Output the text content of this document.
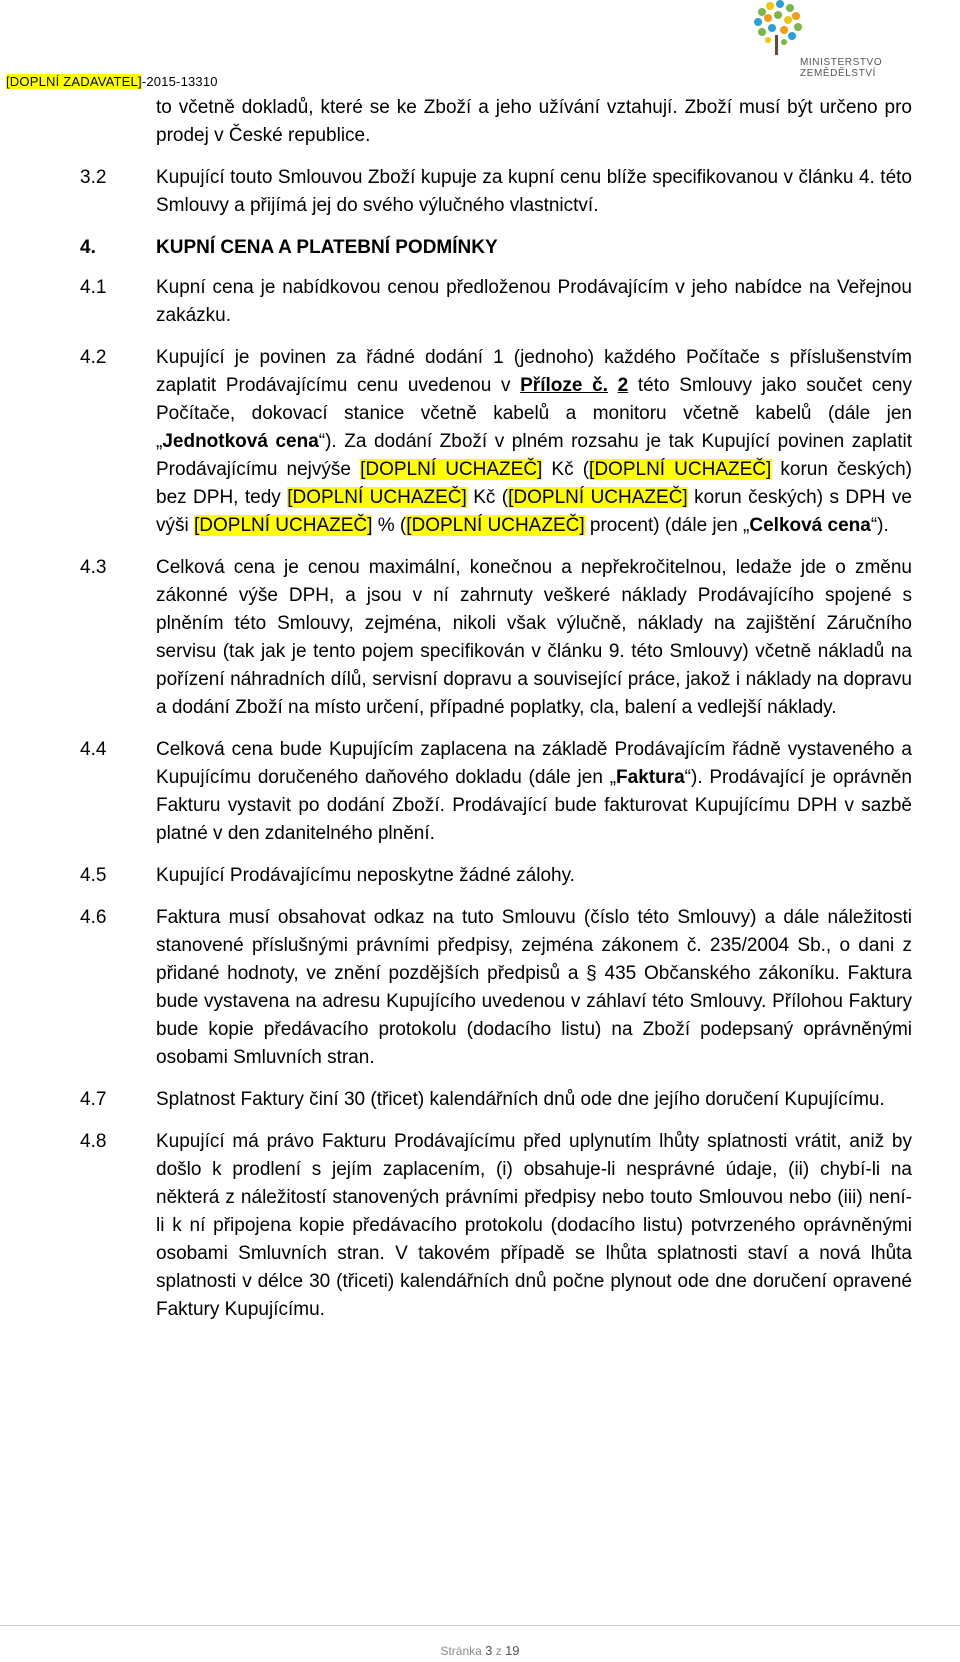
[DOPLNÍ ZADAVATEL]-2015-13310
MINISTERSTVO ZEMĚDĚLSTVÍ
to včetně dokladů, které se ke Zboží a jeho užívání vztahují. Zboží musí být určeno pro prodej v České republice.
3.2	Kupující touto Smlouvou Zboží kupuje za kupní cenu blíže specifikovanou v článku 4. této Smlouvy a přijímá jej do svého výlučného vlastnictví.
4.	KUPNÍ CENA A PLATEBNÍ PODMÍNKY
4.1	Kupní cena je nabídkovou cenou předloženou Prodávajícím v jeho nabídce na Veřejnou zakázku.
4.2	Kupující je povinen za řádné dodání 1 (jednoho) každého Počítače s příslušenstvím zaplatit Prodávajícímu cenu uvedenou v Příloze č. 2 této Smlouvy jako součet ceny Počítače, dokovací stanice včetně kabelů a monitoru včetně kabelů (dále jen „Jednotková cena“). Za dodání Zboží v plném rozsahu je tak Kupující povinen zaplatit Prodávajícímu nejvýše [DOPLNÍ UCHAZEČ] Kč ([DOPLNÍ UCHAZEČ] korun českých) bez DPH, tedy [DOPLNÍ UCHAZEČ] Kč ([DOPLNÍ UCHAZEČ] korun českých) s DPH ve výši [DOPLNÍ UCHAZEČ] % ([DOPLNÍ UCHAZEČ] procent) (dále jen „Celková cena“).
4.3	Celková cena je cenou maximální, konečnou a nepřekročitelnou, ledaže jde o změnu zákonné výše DPH, a jsou v ní zahrnuty veškeré náklady Prodávajícího spojené s plněním této Smlouvy, zejména, nikoli však výlučně, náklady na zajištění Záručního servisu (tak jak je tento pojem specifikován v článku 9. této Smlouvy) včetně nákladů na pořízení náhradních dílů, servisní dopravu a související práce, jakož i náklady na dopravu a dodání Zboží na místo určení, případné poplatky, cla, balení a vedlejší náklady.
4.4	Celková cena bude Kupujícím zaplacena na základě Prodávajícím řádně vystaveného a Kupujícímu doručeného daňového dokladu (dále jen „Faktura“). Prodávající je oprávněn Fakturu vystavit po dodání Zboží. Prodávající bude fakturovat Kupujícímu DPH v sazbě platné v den zdanitelného plnění.
4.5	Kupující Prodávajícímu neposkytne žádné zálohy.
4.6	Faktura musí obsahovat odkaz na tuto Smlouvu (číslo této Smlouvy) a dále náležitosti stanovené příslušnými právními předpisy, zejména zákonem č. 235/2004 Sb., o dani z přidané hodnoty, ve znění pozdějších předpisů a § 435 Občanského zákoníku. Faktura bude vystavena na adresu Kupujícího uvedenou v záhlaví této Smlouvy. Přílohou Faktury bude kopie předávacího protokolu (dodacího listu) na Zboží podepsaný oprávněnými osobami Smluvních stran.
4.7	Splatnost Faktury činí 30 (třicet) kalendářních dnů ode dne jejího doručení Kupujícímu.
4.8	Kupující má právo Fakturu Prodávajícímu před uplynutím lhůty splatnosti vrátit, aniž by došlo k prodlení s jejím zaplacením, (i) obsahuje-li nesprávné údaje, (ii) chybí-li na některá z náležitostí stanovených právními předpisy nebo touto Smlouvou nebo (iii) není-li k ní připojena kopie předávacího protokolu (dodacího listu) potvrzeného oprávněnými osobami Smluvních stran. V takovém případě se lhůta splatnosti staví a nová lhůta splatnosti v délce 30 (třiceti) kalendářních dnů počne plynout ode dne doručení opravené Faktury Kupujícímu.
Stránka 3 z 19
